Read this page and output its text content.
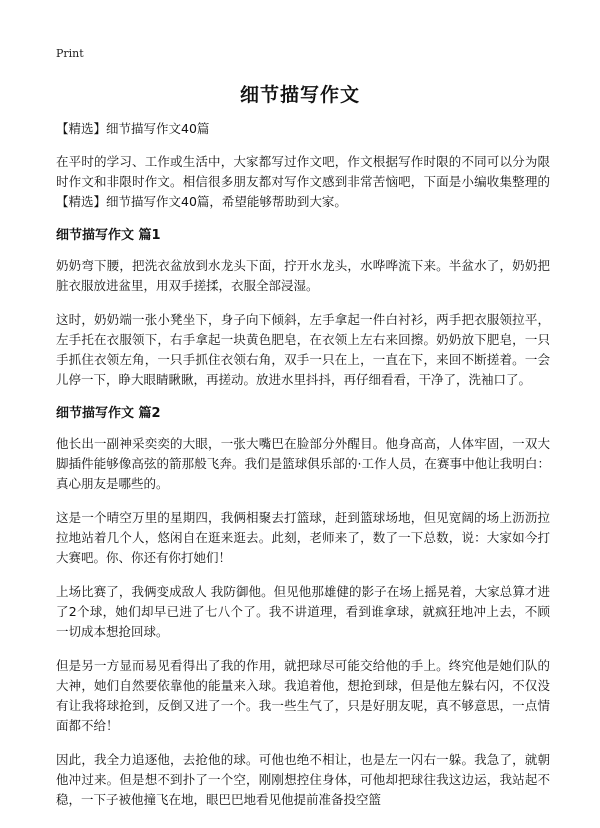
Print
细节描写作文

【精选】细节描写作文40篇

在平时的学习、工作或生活中，大家都写过作文吧，作文根据写作时限的不同可以分为限时作文和非限时作文。相信很多朋友都对写作文感到非常苦恼吧，下面是小编收集整理的【精选】细节描写作文40篇，希望能够帮助到大家。

细节描写作文 篇1

奶奶弯下腰，把洗衣盆放到水龙头下面，拧开水龙头，水哗哗流下来。半盆水了，奶奶把脏衣服放进盆里，用双手搓揉，衣服全部浸湿。

这时，奶奶端一张小凳坐下，身子向下倾斜，左手拿起一件白衬衫，两手把衣服领拉平，左手托在衣服领下，右手拿起一块黄色肥皂，在衣领上左右来回擦。奶奶放下肥皂，一只手抓住衣领左角，一只手抓住衣领右角，双手一只在上，一直在下，来回不断搓着。一会儿停一下，睁大眼睛瞅瞅，再搓动。放进水里抖抖，再仔细看看，干净了，洗袖口了。

细节描写作文 篇2

他长出一副神采奕奕的大眼，一张大嘴巴在脸部分外醒目。他身高高，人体牢固，一双大脚插件能够像高弦的箭那般飞奔。我们是篮球俱乐部的·工作人员，在赛事中他让我明白：真心朋友是哪些的。

这是一个晴空万里的星期四，我俩相聚去打篮球，赶到篮球场地，但见宽阔的场上沥沥拉拉地站着几个人，悠闲自在逛来逛去。此刻，老师来了，数了一下总数，说：大家如今打大赛吧。你、你还有你打她们！

上场比赛了，我俩变成敌人 我防御他。但见他那雄健的影子在场上摇晃着，大家总算才进了2个球，她们却早已进了七八个了。我不讲道理，看到谁拿球，就疯狂地冲上去，不顾一切成本想抢回球。

但是另一方显而易见看得出了我的作用，就把球尽可能交给他的手上。终究他是她们队的大神，她们自然要依靠他的能量来入球。我追着他，想抢到球，但是他左躲右闪，不仅没有让我将球抢到，反倒又进了一个。我一些生气了，只是好朋友呢，真不够意思，一点情面都不给！

因此，我全力追逐他，去抢他的球。可他也绝不相让，也是左一闪右一躲。我急了，就朝他冲过来。但是想不到扑了一个空，刚刚想控住身体，可他却把球往我这边运，我站起不稳，一下子被他撞飞在地，眼巴巴地看见他提前准备投空篮
